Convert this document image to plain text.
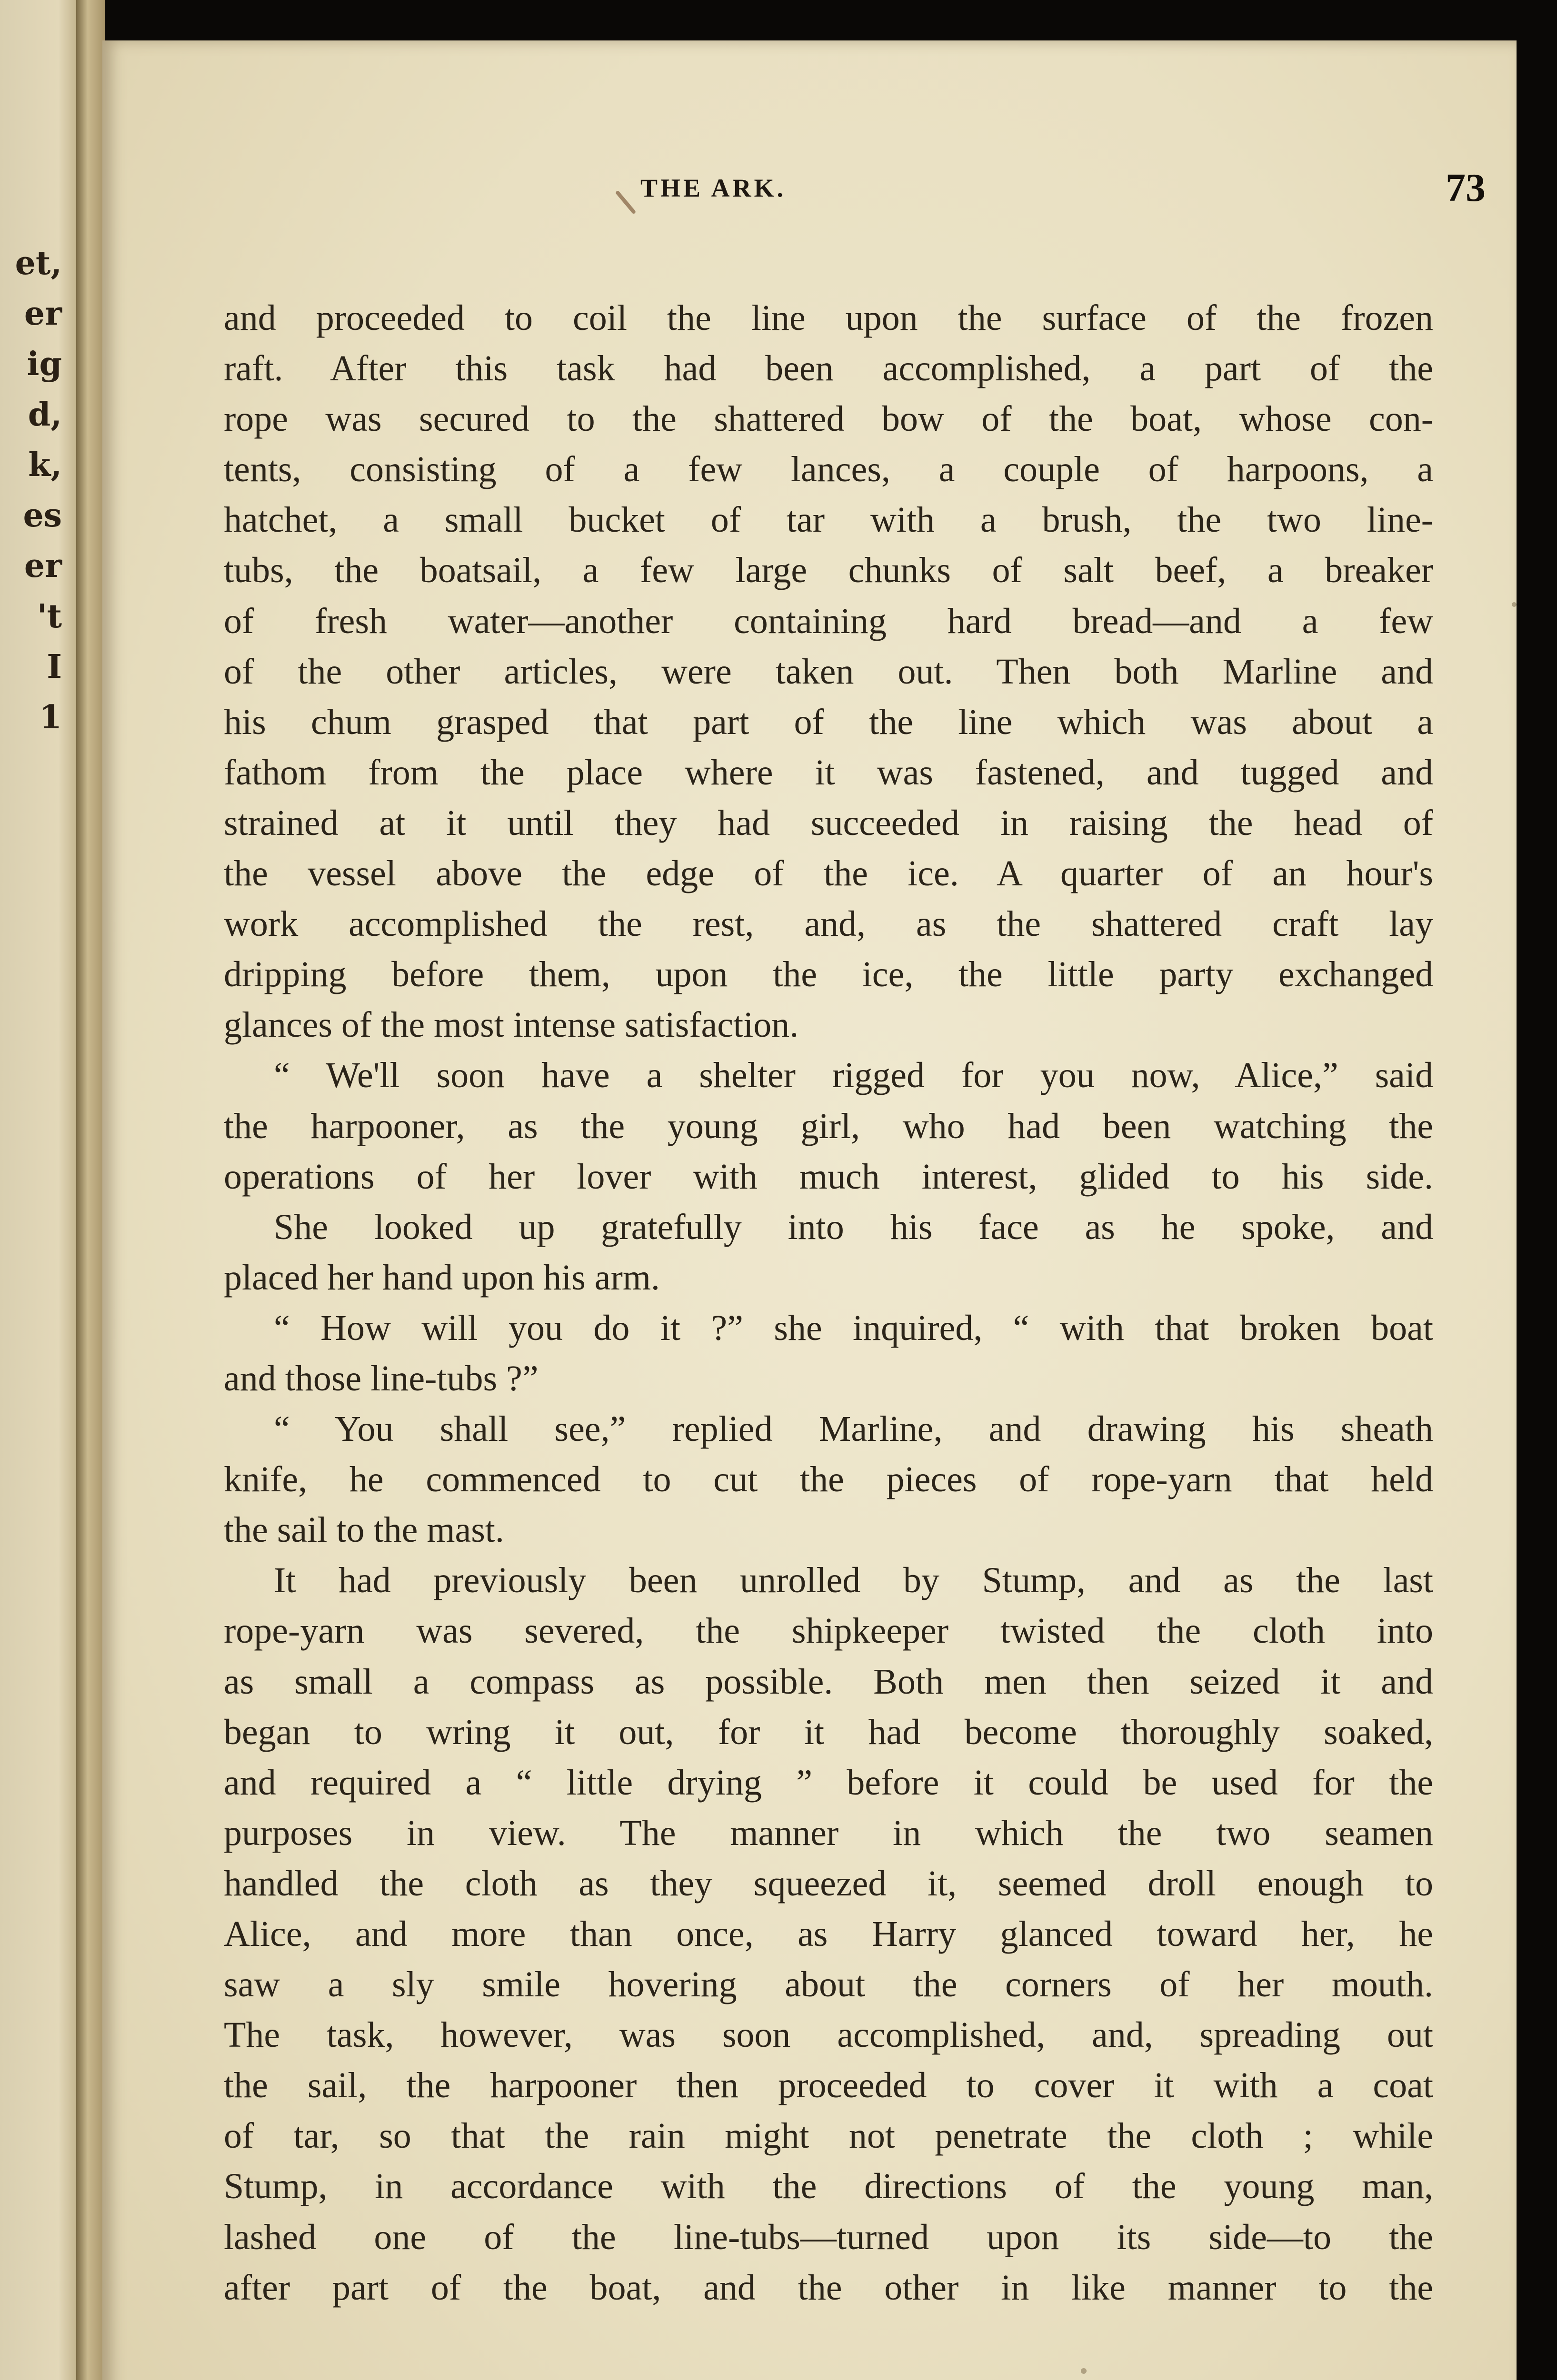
et,
er
ig
d,
k,
es
er
't
I
1
THE ARK.	73
and proceeded to coil the line upon the surface of the frozen
raft. After this task had been accomplished, a part of the
rope was secured to the shattered bow of the boat, whose con-
tents, consisting of a few lances, a couple of harpoons, a
hatchet, a small bucket of tar with a brush, the two line-
tubs, the boatsail, a few large chunks of salt beef, a breaker
of fresh water—another containing hard bread—and a few
of the other articles, were taken out. Then both Marline and
his chum grasped that part of the line which was about a
fathom from the place where it was fastened, and tugged and
strained at it until they had succeeded in raising the head of
the vessel above the edge of the ice. A quarter of an hour's
work accomplished the rest, and, as the shattered craft lay
dripping before them, upon the ice, the little party exchanged
glances of the most intense satisfaction.
“ We'll soon have a shelter rigged for you now, Alice,” said
the harpooner, as the young girl, who had been watching the
operations of her lover with much interest, glided to his side.
She looked up gratefully into his face as he spoke, and
placed her hand upon his arm.
“ How will you do it ?” she inquired, “ with that broken boat
and those line-tubs ?”
“ You shall see,” replied Marline, and drawing his sheath
knife, he commenced to cut the pieces of rope-yarn that held
the sail to the mast.
It had previously been unrolled by Stump, and as the last
rope-yarn was severed, the shipkeeper twisted the cloth into
as small a compass as possible. Both men then seized it and
began to wring it out, for it had become thoroughly soaked,
and required a “ little drying ” before it could be used for the
purposes in view. The manner in which the two seamen
handled the cloth as they squeezed it, seemed droll enough to
Alice, and more than once, as Harry glanced toward her, he
saw a sly smile hovering about the corners of her mouth.
The task, however, was soon accomplished, and, spreading out
the sail, the harpooner then proceeded to cover it with a coat
of tar, so that the rain might not penetrate the cloth ; while
Stump, in accordance with the directions of the young man,
lashed one of the line-tubs—turned upon its side—to the
after part of the boat, and the other in like manner to the
